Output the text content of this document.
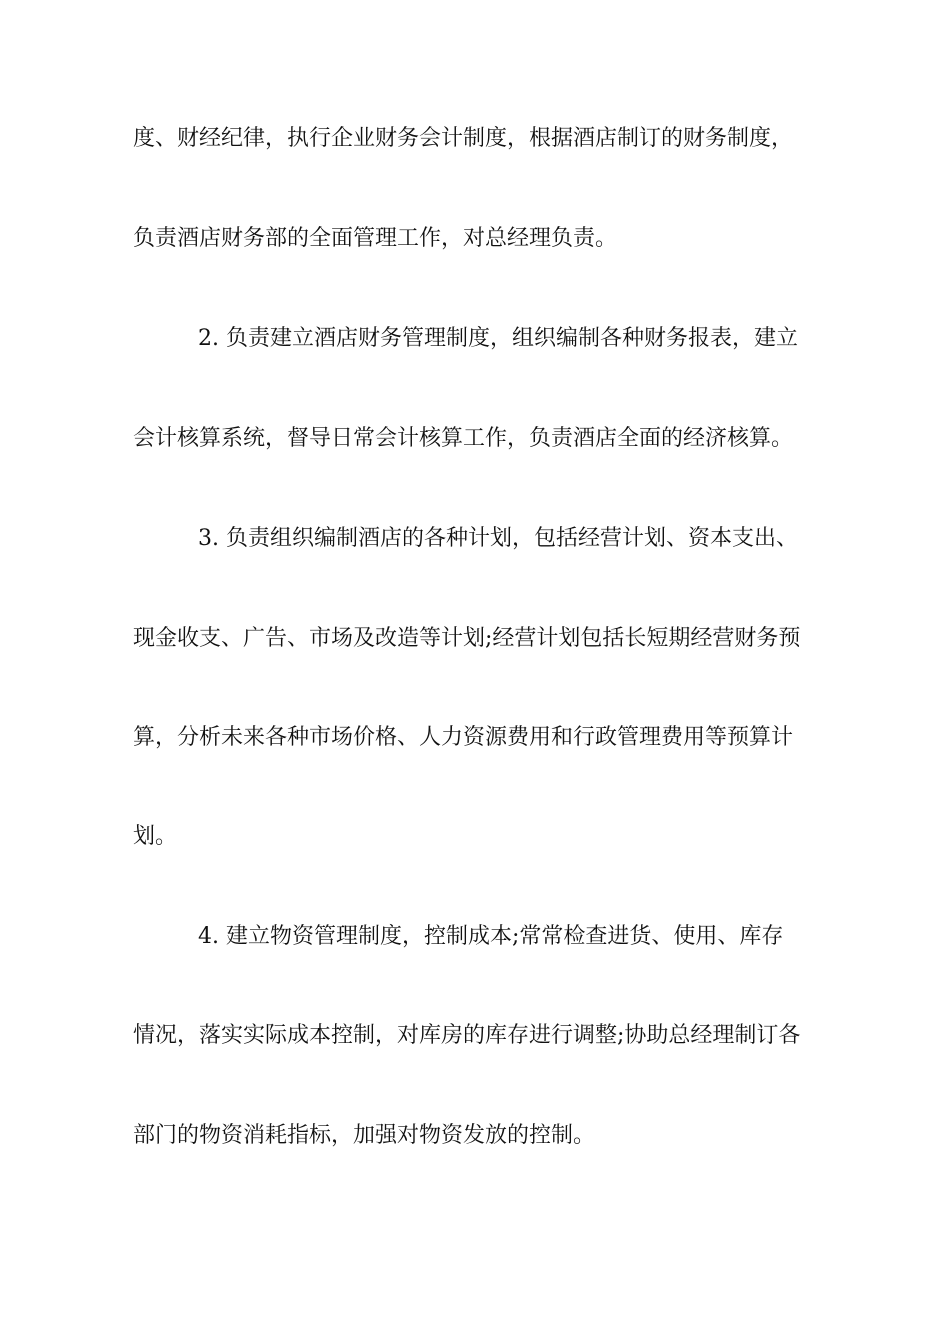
度、财经纪律，执行企业财务会计制度，根据酒店制订的财务制度，
负责酒店财务部的全面管理工作，对总经理负责。
2. 负责建立酒店财务管理制度，组织编制各种财务报表，建立
会计核算系统，督导日常会计核算工作，负责酒店全面的经济核算。
3. 负责组织编制酒店的各种计划，包括经营计划、资本支出、
现金收支、广告、市场及改造等计划;经营计划包括长短期经营财务预
算，分析未来各种市场价格、人力资源费用和行政管理费用等预算计
划。
4. 建立物资管理制度，控制成本;常常检查进货、使用、库存
情况，落实实际成本控制，对库房的库存进行调整;协助总经理制订各
部门的物资消耗指标，加强对物资发放的控制。
